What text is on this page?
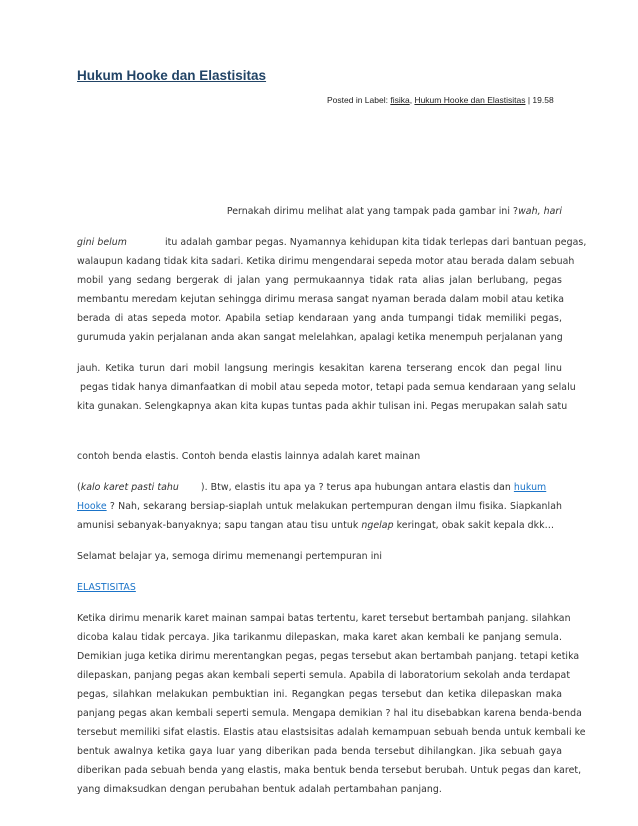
Hukum Hooke dan Elastisitas
Posted in Label: fisika, Hukum Hooke dan Elastisitas | 19.58
Pernakah dirimu melihat alat yang tampak pada gambar ini ?wah, hari
gini belum	itu adalah gambar pegas. Nyamannya kehidupan kita tidak terlepas dari bantuan pegas,
walaupun kadang tidak kita sadari. Ketika dirimu mengendarai sepeda motor atau berada dalam sebuah
mobil yang sedang bergerak di jalan yang permukaannya tidak rata alias jalan berlubang, pegas
membantu meredam kejutan sehingga dirimu merasa sangat nyaman berada dalam mobil atau ketika
berada di atas sepeda motor. Apabila setiap kendaraan yang anda tumpangi tidak memiliki pegas,
gurumuda yakin perjalanan anda akan sangat melelahkan, apalagi ketika menempuh perjalanan yang
jauh. Ketika turun dari mobil langsung meringis kesakitan karena terserang encok dan pegal linu
pegas tidak hanya dimanfaatkan di mobil atau sepeda motor, tetapi pada semua kendaraan yang selalu
kita gunakan. Selengkapnya akan kita kupas tuntas pada akhir tulisan ini. Pegas merupakan salah satu
contoh benda elastis. Contoh benda elastis lainnya adalah karet mainan
(kalo karet pasti tahu ). Btw, elastis itu apa ya ? terus apa hubungan antara elastis dan hukum
Hooke ? Nah, sekarang bersiap-siaplah untuk melakukan pertempuran dengan ilmu fisika. Siapkanlah
amunisi sebanyak-banyaknya; sapu tangan atau tisu untuk ngelap keringat, obak sakit kepala dkk…
Selamat belajar ya, semoga dirimu memenangi pertempuran ini
ELASTISITAS
Ketika dirimu menarik karet mainan sampai batas tertentu, karet tersebut bertambah panjang. silahkan
dicoba kalau tidak percaya. Jika tarikanmu dilepaskan, maka karet akan kembali ke panjang semula.
Demikian juga ketika dirimu merentangkan pegas, pegas tersebut akan bertambah panjang. tetapi ketika
dilepaskan, panjang pegas akan kembali seperti semula. Apabila di laboratorium sekolah anda terdapat
pegas, silahkan melakukan pembuktian ini. Regangkan pegas tersebut dan ketika dilepaskan maka
panjang pegas akan kembali seperti semula. Mengapa demikian ? hal itu disebabkan karena benda-benda
tersebut memiliki sifat elastis. Elastis atau elastsisitas adalah kemampuan sebuah benda untuk kembali ke
bentuk awalnya ketika gaya luar yang diberikan pada benda tersebut dihilangkan. Jika sebuah gaya
diberikan pada sebuah benda yang elastis, maka bentuk benda tersebut berubah. Untuk pegas dan karet,
yang dimaksudkan dengan perubahan bentuk adalah pertambahan panjang.
